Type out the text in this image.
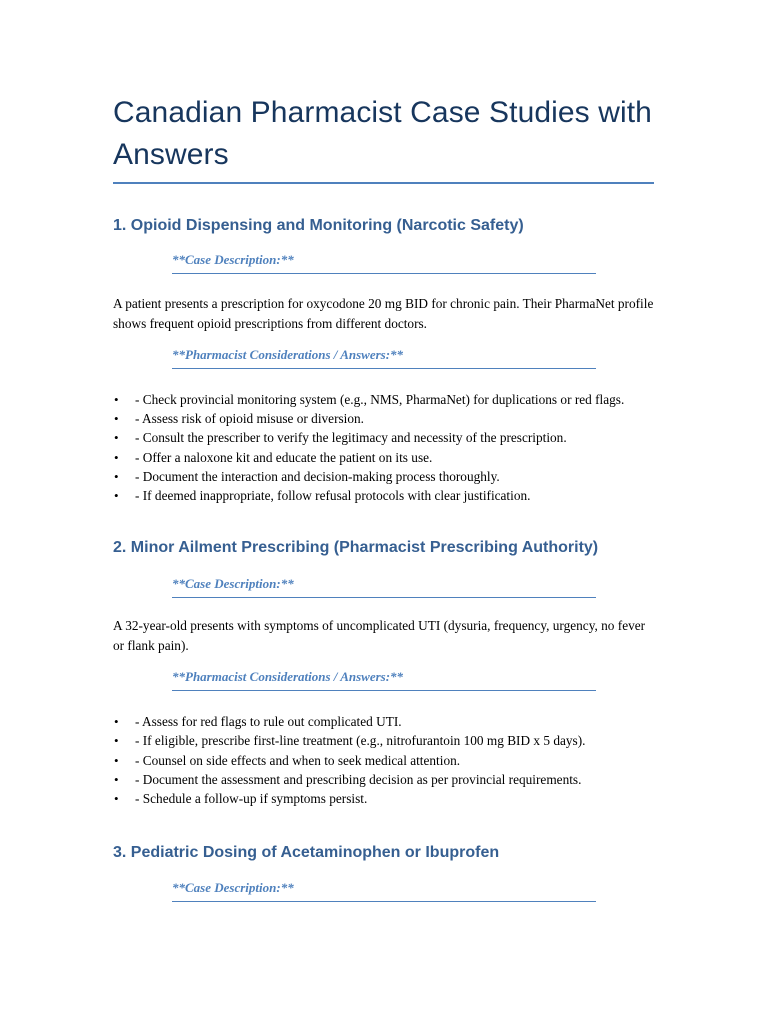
Canadian Pharmacist Case Studies with Answers
1. Opioid Dispensing and Monitoring (Narcotic Safety)
**Case Description:**

A patient presents a prescription for oxycodone 20 mg BID for chronic pain. Their PharmaNet profile shows frequent opioid prescriptions from different doctors.

**Pharmacist Considerations / Answers:**
• - Check provincial monitoring system (e.g., NMS, PharmaNet) for duplications or red flags.
• - Assess risk of opioid misuse or diversion.
• - Consult the prescriber to verify the legitimacy and necessity of the prescription.
• - Offer a naloxone kit and educate the patient on its use.
• - Document the interaction and decision-making process thoroughly.
• - If deemed inappropriate, follow refusal protocols with clear justification.
2. Minor Ailment Prescribing (Pharmacist Prescribing Authority)
**Case Description:**

A 32-year-old presents with symptoms of uncomplicated UTI (dysuria, frequency, urgency, no fever or flank pain).

**Pharmacist Considerations / Answers:**
• - Assess for red flags to rule out complicated UTI.
• - If eligible, prescribe first-line treatment (e.g., nitrofurantoin 100 mg BID x 5 days).
• - Counsel on side effects and when to seek medical attention.
• - Document the assessment and prescribing decision as per provincial requirements.
• - Schedule a follow-up if symptoms persist.
3. Pediatric Dosing of Acetaminophen or Ibuprofen
**Case Description:**
